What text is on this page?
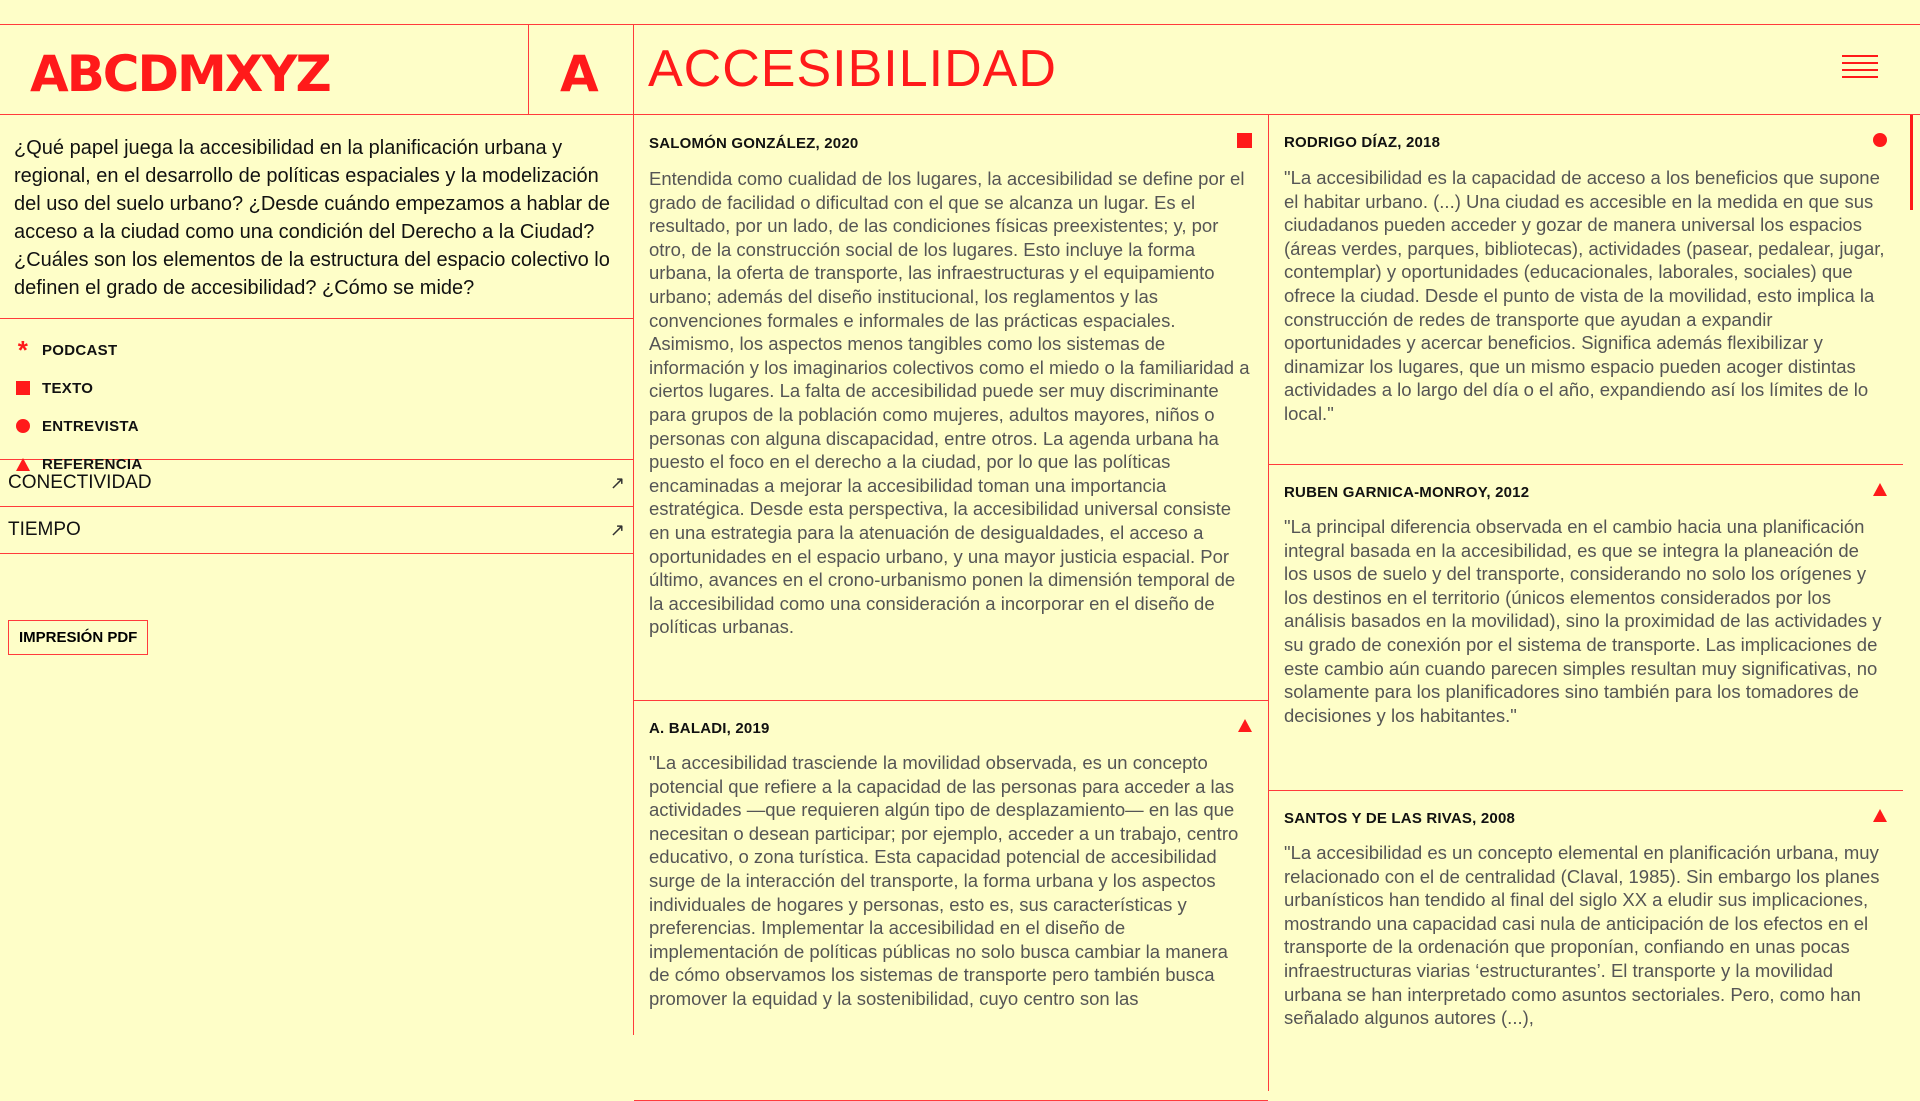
ABCDMXYZ	A ACCESIBILIDAD
¿Qué papel juega la accesibilidad en la planificación urbana y regional, en el desarrollo de políticas espaciales y la modelización del uso del suelo urbano? ¿Desde cuándo empezamos a hablar de acceso a la ciudad como una condición del Derecho a la Ciudad? ¿Cuáles son los elementos de la estructura del espacio colectivo lo definen el grado de accesibilidad? ¿Cómo se mide?
* PODCAST
TEXTO
ENTREVISTA
REFERENCIA
CONECTIVIDAD	↗
TIEMPO	↗
IMPRESIÓN PDF
SALOMÓN GONZÁLEZ, 2020
Entendida como cualidad de los lugares, la accesibilidad se define por el grado de facilidad o dificultad con el que se alcanza un lugar. Es el resultado, por un lado, de las condiciones físicas preexistentes; y, por otro, de la construcción social de los lugares. Esto incluye la forma urbana, la oferta de transporte, las infraestructuras y el equipamiento urbano; además del diseño institucional, los reglamentos y las convenciones formales e informales de las prácticas espaciales. Asimismo, los aspectos menos tangibles como los sistemas de información y los imaginarios colectivos como el miedo o la familiaridad a ciertos lugares. La falta de accesibilidad puede ser muy discriminante para grupos de la población como mujeres, adultos mayores, niños o personas con alguna discapacidad, entre otros. La agenda urbana ha puesto el foco en el derecho a la ciudad, por lo que las políticas encaminadas a mejorar la accesibilidad toman una importancia estratégica. Desde esta perspectiva, la accesibilidad universal consiste en una estrategia para la atenuación de desigualdades, el acceso a oportunidades en el espacio urbano, y una mayor justicia espacial. Por último, avances en el crono-urbanismo ponen la dimensión temporal de la accesibilidad como una consideración a incorporar en el diseño de políticas urbanas.
A. BALADI, 2019
"La accesibilidad trasciende la movilidad observada, es un concepto potencial que refiere a la capacidad de las personas para acceder a las actividades —que requieren algún tipo de desplazamiento— en las que necesitan o desean participar; por ejemplo, acceder a un trabajo, centro educativo, o zona turística. Esta capacidad potencial de accesibilidad surge de la interacción del transporte, la forma urbana y los aspectos individuales de hogares y personas, esto es, sus características y preferencias. Implementar la accesibilidad en el diseño de implementación de políticas públicas no solo busca cambiar la manera de cómo observamos los sistemas de transporte pero también busca promover la equidad y la sostenibilidad, cuyo centro son las
RODRIGO DÍAZ, 2018
"La accesibilidad es la capacidad de acceso a los beneficios que supone el habitar urbano. (...) Una ciudad es accesible en la medida en que sus ciudadanos pueden acceder y gozar de manera universal los espacios (áreas verdes, parques, bibliotecas), actividades (pasear, pedalear, jugar, contemplar) y oportunidades (educacionales, laborales, sociales) que ofrece la ciudad. Desde el punto de vista de la movilidad, esto implica la construcción de redes de transporte que ayudan a expandir oportunidades y acercar beneficios. Significa además flexibilizar y dinamizar los lugares, que un mismo espacio pueden acoger distintas actividades a lo largo del día o el año, expandiendo así los límites de lo local."
RUBEN GARNICA-MONROY, 2012
"La principal diferencia observada en el cambio hacia una planificación integral basada en la accesibilidad, es que se integra la planeación de los usos de suelo y del transporte, considerando no solo los orígenes y los destinos en el territorio (únicos elementos considerados por los análisis basados en la movilidad), sino la proximidad de las actividades y su grado de conexión por el sistema de transporte. Las implicaciones de este cambio aún cuando parecen simples resultan muy significativas, no solamente para los planificadores sino también para los tomadores de decisiones y los habitantes."
SANTOS Y DE LAS RIVAS, 2008
"La accesibilidad es un concepto elemental en planificación urbana, muy relacionado con el de centralidad (Claval, 1985). Sin embargo los planes urbanísticos han tendido al final del siglo XX a eludir sus implicaciones, mostrando una capacidad casi nula de anticipación de los efectos en el transporte de la ordenación que proponían, confiando en unas pocas infraestructuras viarias ‘estructurantes’. El transporte y la movilidad urbana se han interpretado como asuntos sectoriales. Pero, como han señalado algunos autores (...),
